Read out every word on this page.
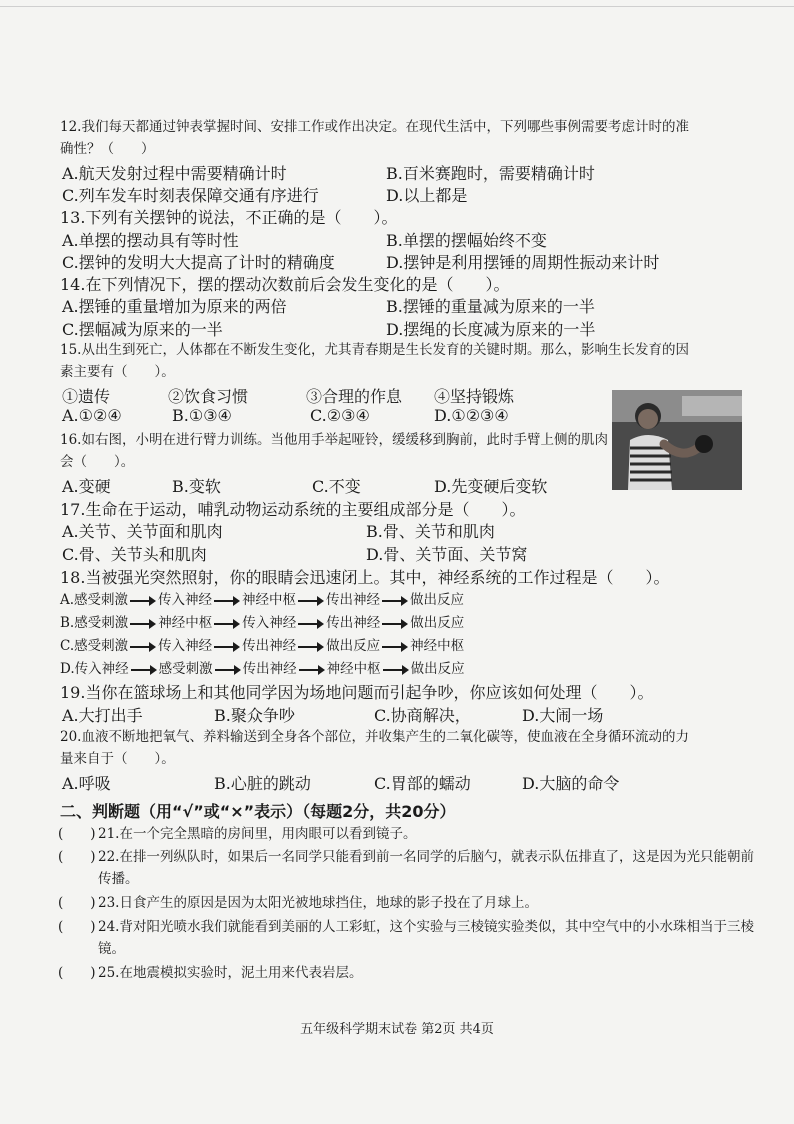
12.我们每天都通过钟表掌握时间、安排工作或作出决定。在现代生活中，下列哪些事例需要考虑计时的准确性？（　　）
A.航天发射过程中需要精确计时	B.百米赛跑时，需要精确计时
C.列车发车时刻表保障交通有序进行	D.以上都是
13.下列有关摆钟的说法，不正确的是（　　）。
A.单摆的摆动具有等时性	B.单摆的摆幅始终不变
C.摆钟的发明大大提高了计时的精确度	D.摆钟是利用摆锤的周期性振动来计时
14.在下列情况下，摆的摆动次数前后会发生变化的是（　　）。
A.摆锤的重量增加为原来的两倍	B.摆锤的重量减为原来的一半
C.摆幅减为原来的一半	D.摆绳的长度减为原来的一半
15.从出生到死亡，人体都在不断发生变化，尤其青春期是生长发育的关键时期。那么，影响生长发育的因素主要有（　　）。
①遗传	②饮食习惯	③合理的作息 ④坚持锻炼
A.①②④	B.①③④	C.②③④	D.①②③④
16.如右图，小明在进行臂力训练。当他用手举起哑铃，缓缓移到胸前，此时手臂上侧的肌肉会（　　）。
A.变硬	B.变软	C.不变	D.先变硬后变软
17.生命在于运动，哺乳动物运动系统的主要组成部分是（　　）。
A.关节、关节面和肌肉	B.骨、关节和肌肉
C.骨、关节头和肌肉	D.骨、关节面、关节窝
18.当被强光突然照射，你的眼睛会迅速闭上。其中，神经系统的工作过程是（　　）。
A.感受刺激 传入神经 神经中枢 传出神经 做出反应
B.感受刺激 神经中枢 传入神经 传出神经 做出反应
C.感受刺激 传入神经 传出神经 做出反应 神经中枢
D.传入神经 感受刺激 传出神经 神经中枢 做出反应
19.当你在篮球场上和其他同学因为场地问题而引起争吵，你应该如何处理（　　）。
A.大打出手	B.聚众争吵	C.协商解决，	D.大闹一场
20.血液不断地把氧气、养料输送到全身各个部位，并收集产生的二氧化碳等，使血液在全身循环流动的力量来自于（　　）。
A.呼吸	B.心脏的跳动	C.胃部的蠕动	D.大脑的命令
二、判断题（用“√”或“×”表示）（每题2分，共20分）
(　　) 21.在一个完全黑暗的房间里，用肉眼可以看到镜子。
(　　) 22.在排一列纵队时，如果后一名同学只能看到前一名同学的后脑勺，就表示队伍排直了，这是因为光只能朝前传播。
(　　) 23.日食产生的原因是因为太阳光被地球挡住，地球的影子投在了月球上。
(　　) 24.背对阳光喷水我们就能看到美丽的人工彩虹，这个实验与三棱镜实验类似，其中空气中的小水珠相当于三棱镜。
(　　) 25.在地震模拟实验时，泥土用来代表岩层。
五年级科学期末试卷 第2页 共4页
